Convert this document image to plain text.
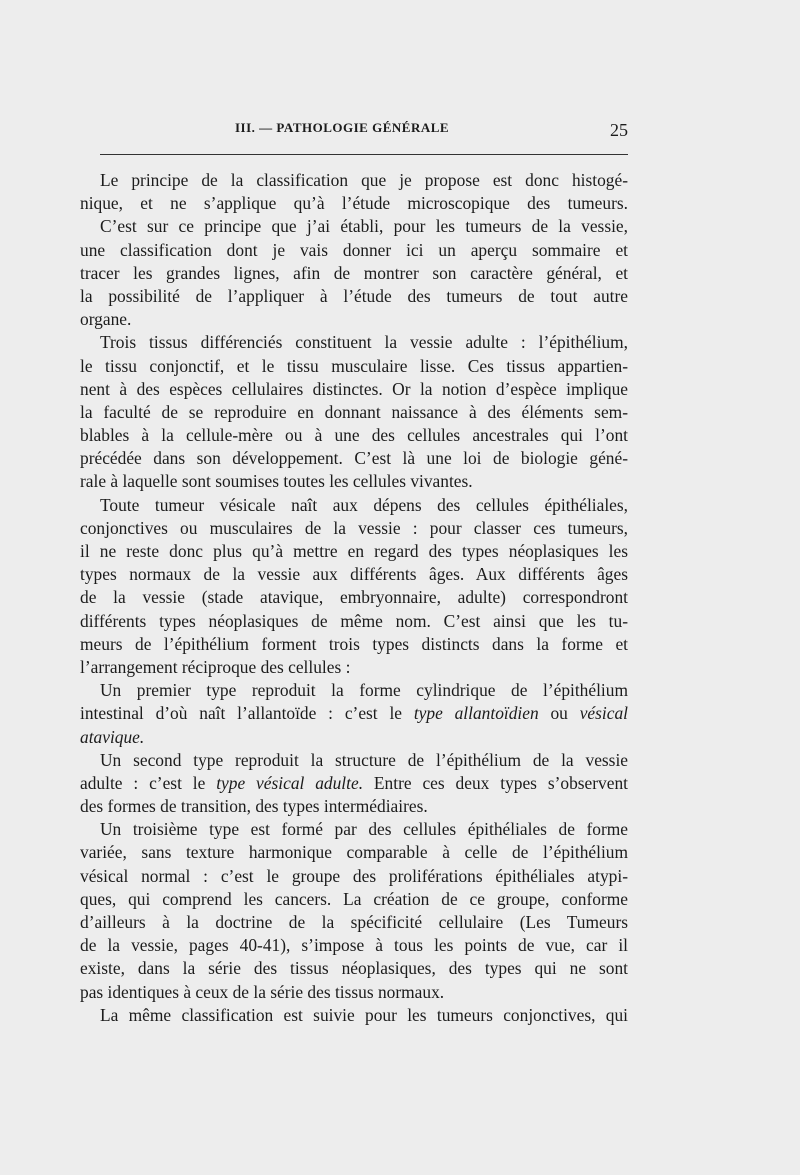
III. — PATHOLOGIE GÉNÉRALE	25
Le principe de la classification que je propose est donc histogé-
nique, et ne s’applique qu’à l’étude microscopique des tumeurs.
C’est sur ce principe que j’ai établi, pour les tumeurs de la vessie,
une classification dont je vais donner ici un aperçu sommaire et
tracer les grandes lignes, afin de montrer son caractère général, et
la possibilité de l’appliquer à l’étude des tumeurs de tout autre
organe.
Trois tissus différenciés constituent la vessie adulte : l’épithélium,
le tissu conjonctif, et le tissu musculaire lisse. Ces tissus appartien-
nent à des espèces cellulaires distinctes. Or la notion d’espèce implique
la faculté de se reproduire en donnant naissance à des éléments sem-
blables à la cellule-mère ou à une des cellules ancestrales qui l’ont
précédée dans son développement. C’est là une loi de biologie géné-
rale à laquelle sont soumises toutes les cellules vivantes.
Toute tumeur vésicale naît aux dépens des cellules épithéliales,
conjonctives ou musculaires de la vessie : pour classer ces tumeurs,
il ne reste donc plus qu’à mettre en regard des types néoplasiques les
types normaux de la vessie aux différents âges. Aux différents âges
de la vessie (stade atavique, embryonnaire, adulte) correspondront
différents types néoplasiques de même nom. C’est ainsi que les tu-
meurs de l’épithélium forment trois types distincts dans la forme et
l’arrangement réciproque des cellules :
Un premier type reproduit la forme cylindrique de l’épithélium
intestinal d’où naît l’allantoïde : c’est le type allantoïdien ou vésical
atavique.
Un second type reproduit la structure de l’épithélium de la vessie
adulte : c’est le type vésical adulte. Entre ces deux types s’observent
des formes de transition, des types intermédiaires.
Un troisième type est formé par des cellules épithéliales de forme
variée, sans texture harmonique comparable à celle de l’épithélium
vésical normal : c’est le groupe des proliférations épithéliales atypi-
ques, qui comprend les cancers. La création de ce groupe, conforme
d’ailleurs à la doctrine de la spécificité cellulaire (Les Tumeurs
de la vessie, pages 40-41), s’impose à tous les points de vue, car il
existe, dans la série des tissus néoplasiques, des types qui ne sont
pas identiques à ceux de la série des tissus normaux.
La même classification est suivie pour les tumeurs conjonctives, qui
